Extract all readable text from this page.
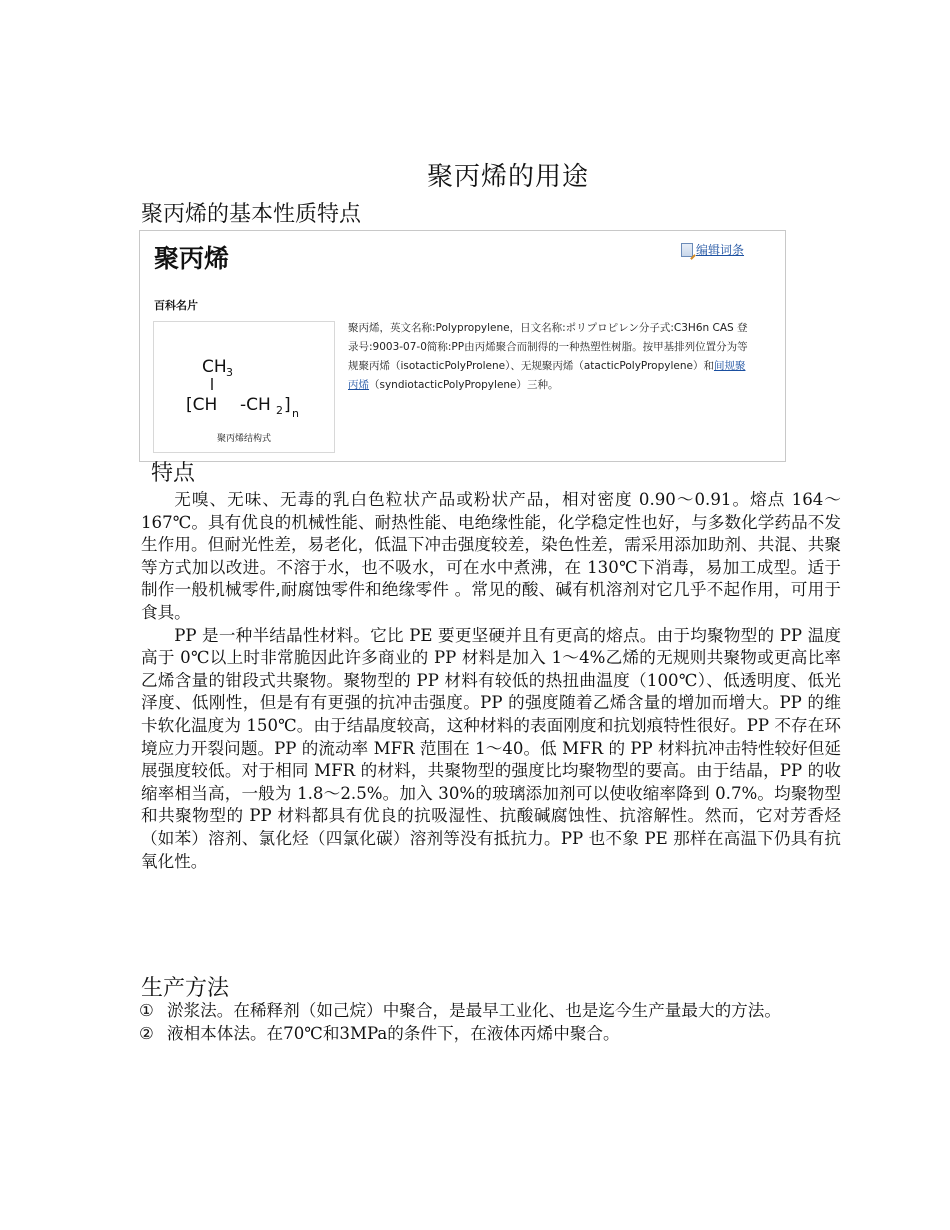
聚丙烯的用途
聚丙烯的基本性质特点
聚丙烯	编辑词条
百科名片
CH 3
[CH -CH 2 ] n
聚丙烯结构式
聚丙烯，英文名称:Polypropylene，日文名称:ポリプロピレン分子式:C3H6n CAS 登录号:9003-07-0简称:PP由丙烯聚合而制得的一种热塑性树脂。按甲基排列位置分为等规聚丙烯（isotacticPolyProlene）、无规聚丙烯（atacticPolyPropylene）和间规聚丙烯（syndiotacticPolyPropylene）三种。
特点

无嗅、无味、无毒的乳白色粒状产品或粉状产品，相对密度 0.90～0.91。熔点 164～167℃。具有优良的机械性能、耐热性能、电绝缘性能，化学稳定性也好，与多数化学药品不发生作用。但耐光性差，易老化，低温下冲击强度较差，染色性差，需采用添加助剂、共混、共聚等方式加以改进。不溶于水，也不吸水，可在水中煮沸，在 130℃下消毒，易加工成型。适于制作一般机械零件,耐腐蚀零件和绝缘零件 。常见的酸、碱有机溶剂对它几乎不起作用，可用于食具。

PP 是一种半结晶性材料。它比 PE 要更坚硬并且有更高的熔点。由于均聚物型的 PP 温度高于 0℃以上时非常脆因此许多商业的 PP 材料是加入 1～4%乙烯的无规则共聚物或更高比率乙烯含量的钳段式共聚物。聚物型的 PP 材料有较低的热扭曲温度（100℃）、低透明度、低光泽度、低刚性，但是有有更强的抗冲击强度。PP 的强度随着乙烯含量的增加而增大。PP 的维卡软化温度为 150℃。由于结晶度较高，这种材料的表面刚度和抗划痕特性很好。PP 不存在环境应力开裂问题。PP 的流动率 MFR 范围在 1～40。低 MFR 的 PP 材料抗冲击特性较好但延展强度较低。对于相同 MFR 的材料，共聚物型的强度比均聚物型的要高。由于结晶，PP 的收缩率相当高，一般为 1.8～2.5%。加入 30%的玻璃添加剂可以使收缩率降到 0.7%。均聚物型和共聚物型的 PP 材料都具有优良的抗吸湿性、抗酸碱腐蚀性、抗溶解性。然而，它对芳香烃（如苯）溶剂、氯化烃（四氯化碳）溶剂等没有抵抗力。PP 也不象 PE 那样在高温下仍具有抗氧化性。

生产方法
① 淤浆法。在稀释剂（如己烷）中聚合，是最早工业化、也是迄今生产量最大的方法。
② 液相本体法。在70℃和3MPa的条件下，在液体丙烯中聚合。
